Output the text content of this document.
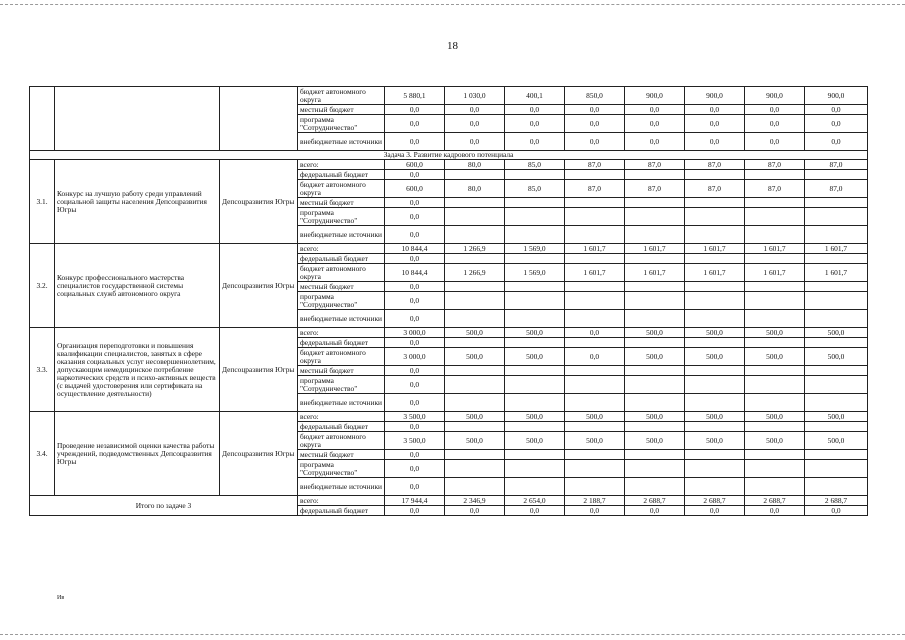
18
			бюджет автономного округа	5 880,1	1 030,0	400,1	850,0	900,0	900,0	900,0	900,0
			местный бюджет	0,0	0,0	0,0	0,0	0,0	0,0	0,0	0,0
			программа "Сотрудничество"	0,0	0,0	0,0	0,0	0,0	0,0	0,0	0,0
			внебюджетные источники	0,0	0,0	0,0	0,0	0,0	0,0	0,0	0,0
Задача 3. Развитие кадрового потенциала											
3.1.	Конкурс на лучшую работу среди управлений социальной защиты населения Депсоцразвития Югры	Депсоцразвития Югры	всего:	600,0	80,0	85,0	87,0	87,0	87,0	87,0	87,0
			федеральный бюджет	0,0							
			бюджет автономного округа	600,0	80,0	85,0	87,0	87,0	87,0	87,0	87,0
			местный бюджет	0,0							
			программа "Сотрудничество"	0,0							
			внебюджетные источники	0,0							
3.2.	Конкурс профессионального мастерства специалистов государственной системы социальных служб автономного округа	Депсоцразвития Югры	всего:	10 844,4	1 266,9	1 569,0	1 601,7	1 601,7	1 601,7	1 601,7	1 601,7
			федеральный бюджет	0,0							
			бюджет автономного округа	10 844,4	1 266,9	1 569,0	1 601,7	1 601,7	1 601,7	1 601,7	1 601,7
			местный бюджет	0,0							
			программа "Сотрудничество"	0,0							
			внебюджетные источники	0,0							
3.3.	Организация переподготовки и повышения квалификации специалистов, занятых в сфере оказания социальных услуг несовершеннолетним, допускающим немедицинское потребление наркотических средств и психо-активных веществ (с выдачей удостоверения или сертификата на осуществление деятельности)	Депсоцразвития Югры	всего:	3 000,0	500,0	500,0	0,0	500,0	500,0	500,0	500,0
			федеральный бюджет	0,0							
			бюджет автономного округа	3 000,0	500,0	500,0	0,0	500,0	500,0	500,0	500,0
			местный бюджет	0,0							
			программа "Сотрудничество"	0,0							
			внебюджетные источники	0,0							
3.4.	Проведение независимой оценки качества работы учреждений, подведомственных Депсоцразвития Югры	Депсоцразвития Югры	всего:	3 500,0	500,0	500,0	500,0	500,0	500,0	500,0	500,0
			федеральный бюджет	0,0							
			бюджет автономного округа	3 500,0	500,0	500,0	500,0	500,0	500,0	500,0	500,0
			местный бюджет	0,0							
			программа "Сотрудничество"	0,0							
			внебюджетные источники	0,0							
Итого по задаче 3			всего:	17 944,4	2 346,9	2 654,0	2 188,7	2 688,7	2 688,7	2 688,7	2 688,7
			федеральный бюджет	0,0	0,0	0,0	0,0	0,0	0,0	0,0	0,0
Ив
